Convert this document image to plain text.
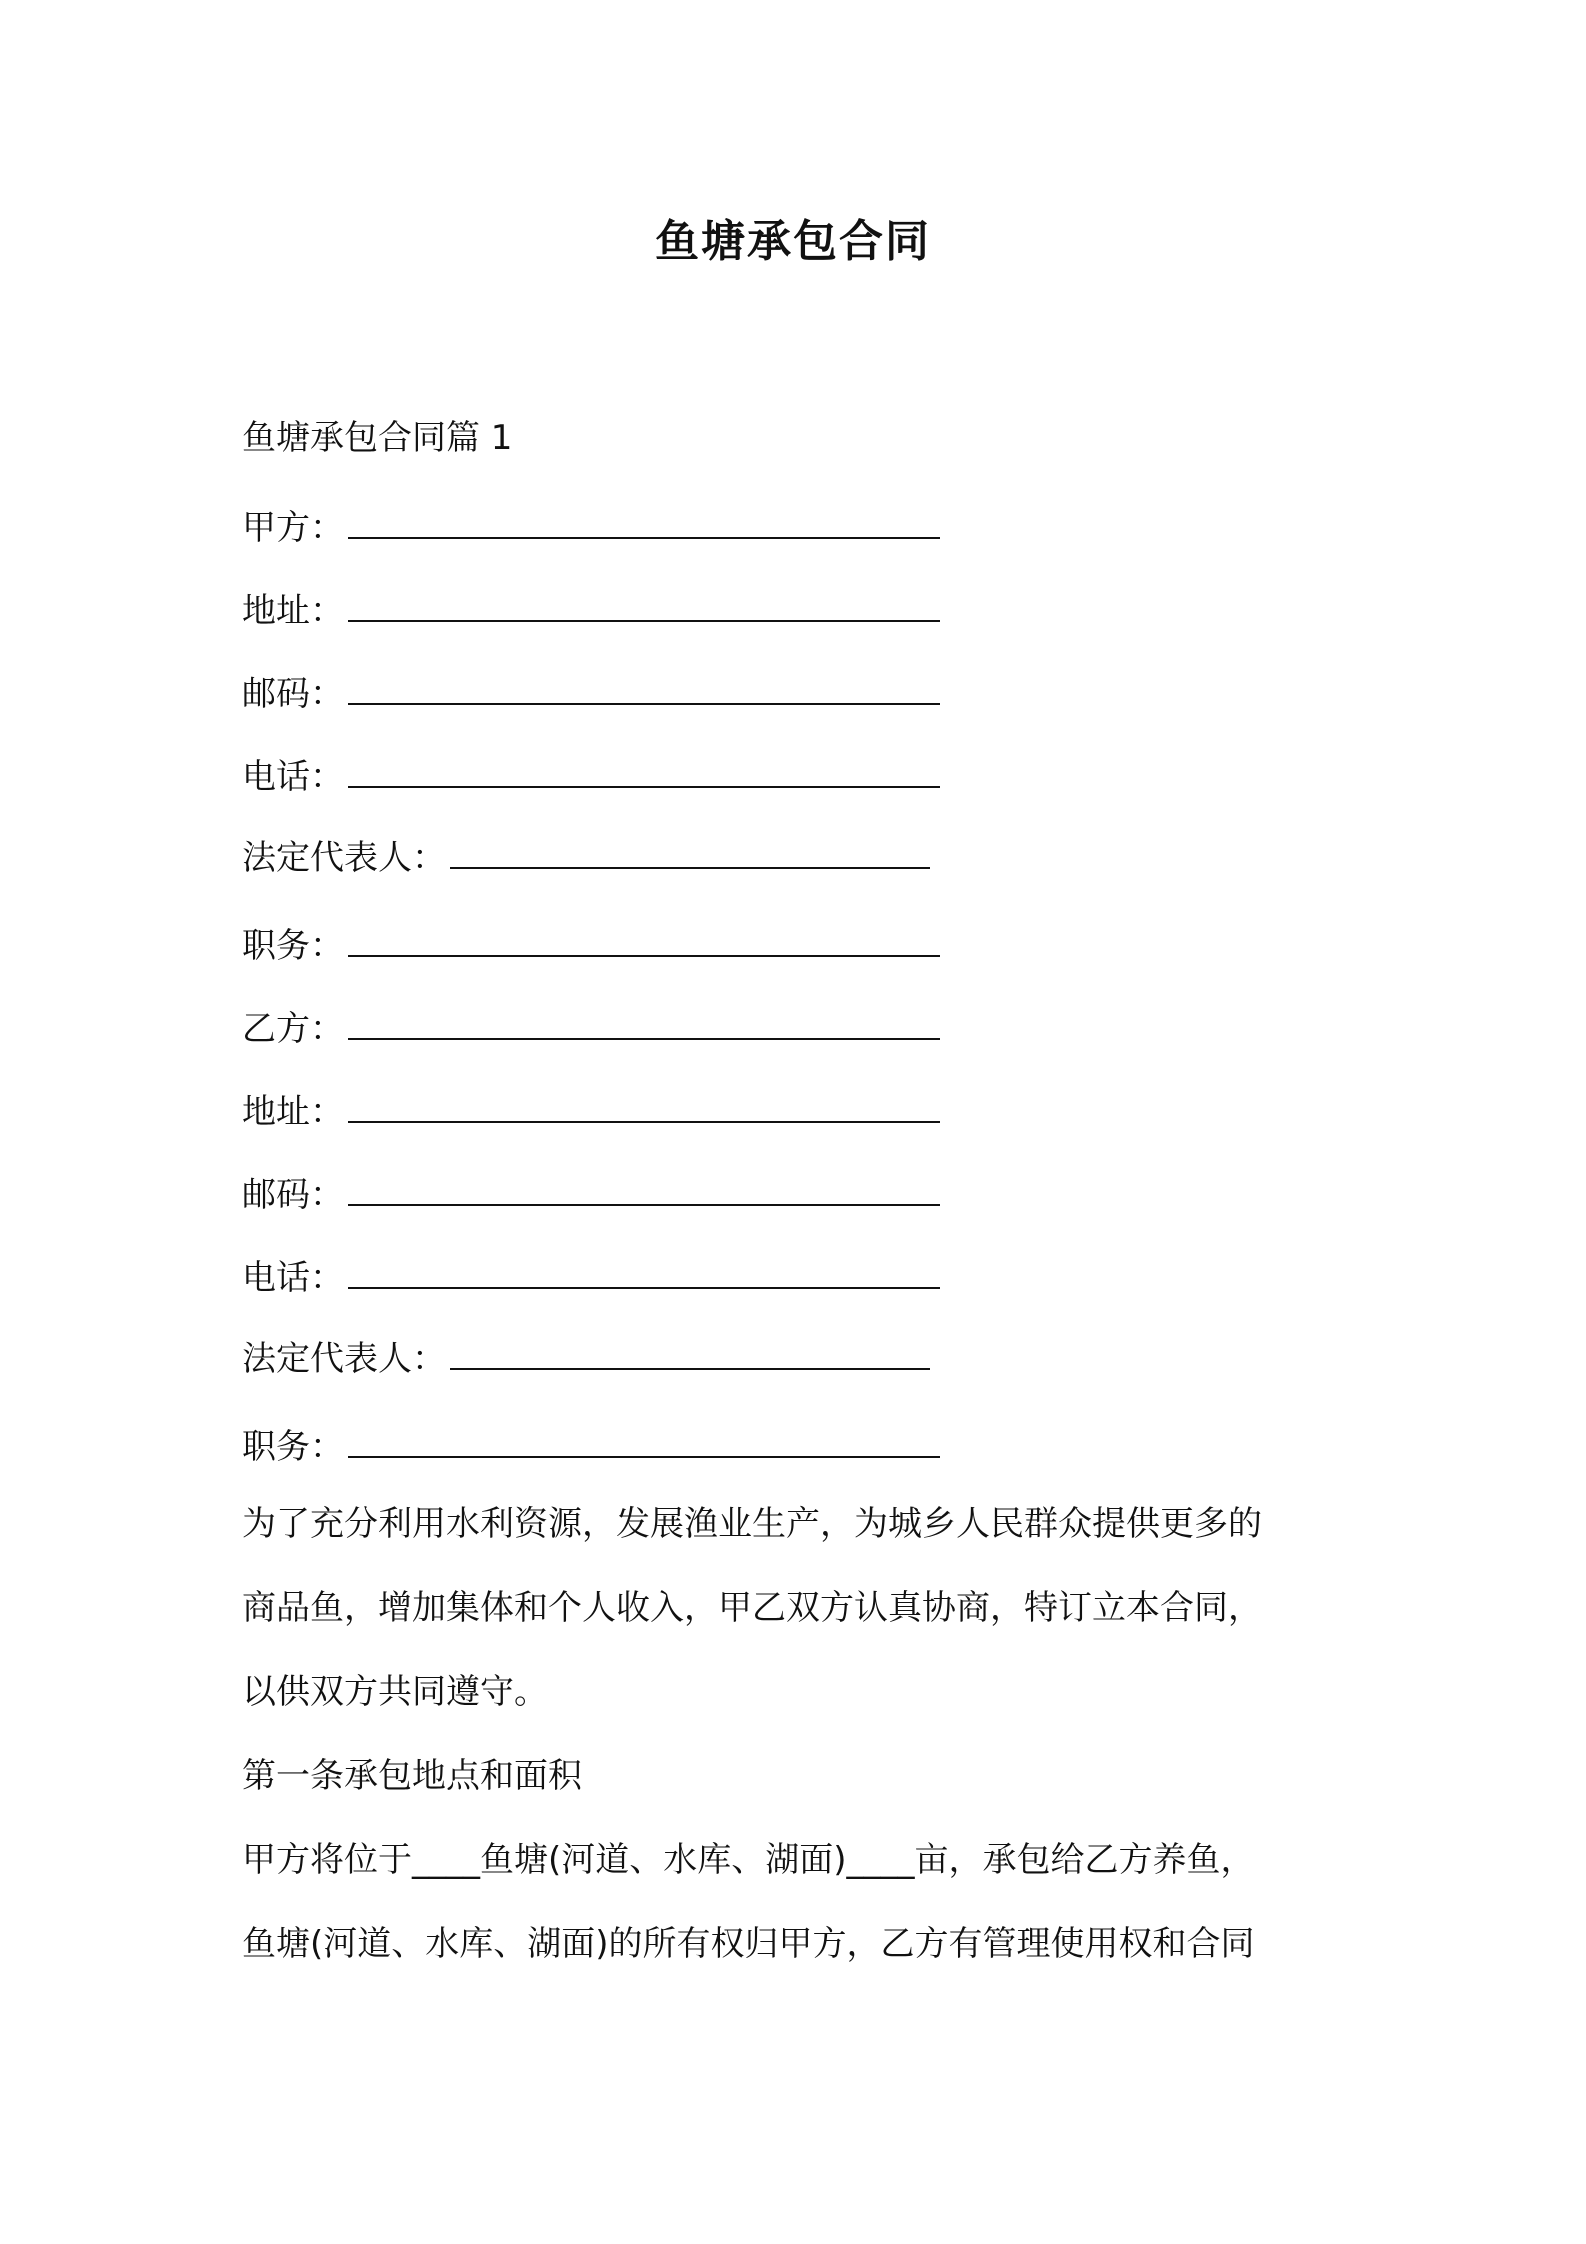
鱼塘承包合同
鱼塘承包合同篇 1
甲方：
地址：
邮码：
电话：
法定代表人：
职务：
乙方：
地址：
邮码：
电话：
法定代表人：
职务：
为了充分利用水利资源，发展渔业生产，为城乡人民群众提供更多的
商品鱼，增加集体和个人收入，甲乙双方认真协商，特订立本合同，
以供双方共同遵守。
第一条承包地点和面积
甲方将位于____鱼塘(河道、水库、湖面)____亩，承包给乙方养鱼，
鱼塘(河道、水库、湖面)的所有权归甲方，乙方有管理使用权和合同
